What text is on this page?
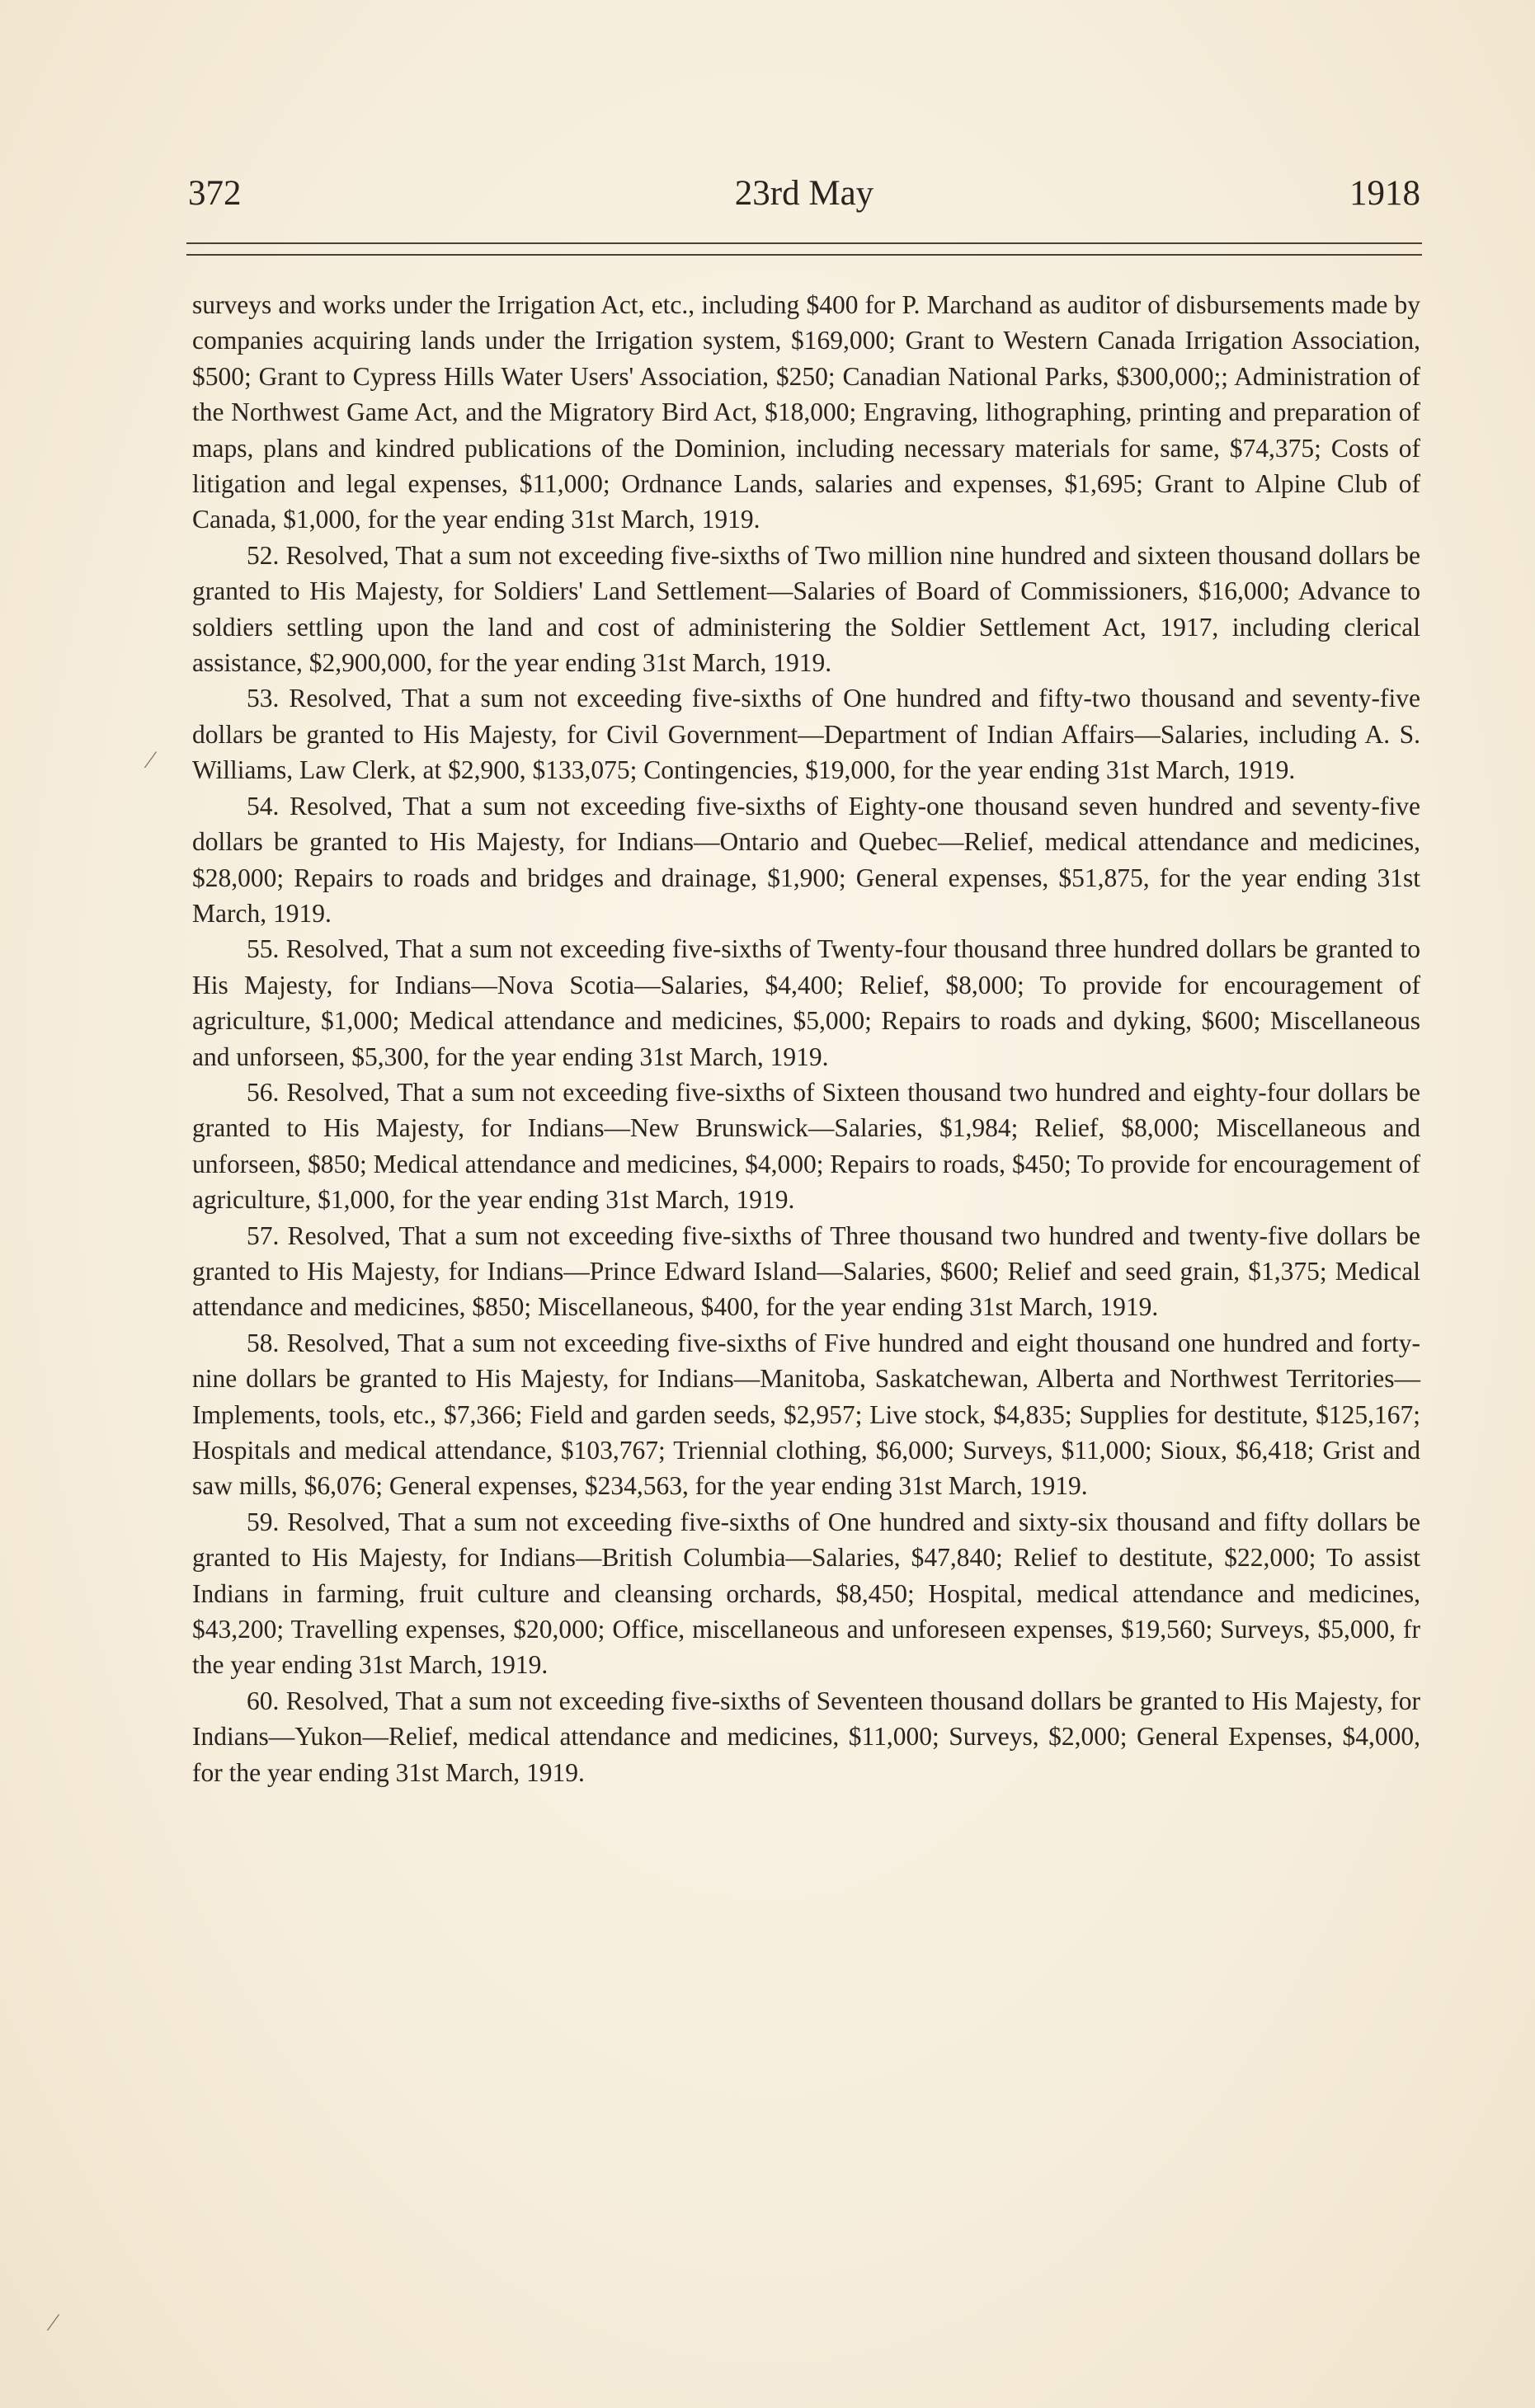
372	23rd May	1918

surveys and works under the Irrigation Act, etc., including $400 for P. Marchand as auditor of disbursements made by companies acquiring lands under the Irrigation system, $169,000; Grant to Western Canada Irrigation Association, $500; Grant to Cypress Hills Water Users' Association, $250; Canadian National Parks, $300,000;; Administration of the Northwest Game Act, and the Migratory Bird Act, $18,000; Engraving, lithographing, printing and preparation of maps, plans and kindred publications of the Dominion, including necessary materials for same, $74,375; Costs of litigation and legal expenses, $11,000; Ordnance Lands, salaries and expenses, $1,695; Grant to Alpine Club of Canada, $1,000, for the year ending 31st March, 1919.

52. Resolved, That a sum not exceeding five-sixths of Two million nine hundred and sixteen thousand dollars be granted to His Majesty, for Soldiers' Land Settlement—Salaries of Board of Commissioners, $16,000; Advance to soldiers settling upon the land and cost of administering the Soldier Settlement Act, 1917, including clerical assistance, $2,900,000, for the year ending 31st March, 1919.

53. Resolved, That a sum not exceeding five-sixths of One hundred and fifty-two thousand and seventy-five dollars be granted to His Majesty, for Civil Government—Department of Indian Affairs—Salaries, including A. S. Williams, Law Clerk, at $2,900, $133,075; Contingencies, $19,000, for the year ending 31st March, 1919.

54. Resolved, That a sum not exceeding five-sixths of Eighty-one thousand seven hundred and seventy-five dollars be granted to His Majesty, for Indians—Ontario and Quebec—Relief, medical attendance and medicines, $28,000; Repairs to roads and bridges and drainage, $1,900; General expenses, $51,875, for the year ending 31st March, 1919.

55. Resolved, That a sum not exceeding five-sixths of Twenty-four thousand three hundred dollars be granted to His Majesty, for Indians—Nova Scotia—Salaries, $4,400; Relief, $8,000; To provide for encouragement of agriculture, $1,000; Medical attendance and medicines, $5,000; Repairs to roads and dyking, $600; Miscellaneous and unforseen, $5,300, for the year ending 31st March, 1919.

56. Resolved, That a sum not exceeding five-sixths of Sixteen thousand two hundred and eighty-four dollars be granted to His Majesty, for Indians—New Brunswick—Salaries, $1,984; Relief, $8,000; Miscellaneous and unforseen, $850; Medical attendance and medicines, $4,000; Repairs to roads, $450; To provide for encouragement of agriculture, $1,000, for the year ending 31st March, 1919.

57. Resolved, That a sum not exceeding five-sixths of Three thousand two hundred and twenty-five dollars be granted to His Majesty, for Indians—Prince Edward Island—Salaries, $600; Relief and seed grain, $1,375; Medical attendance and medicines, $850; Miscellaneous, $400, for the year ending 31st March, 1919.

58. Resolved, That a sum not exceeding five-sixths of Five hundred and eight thousand one hundred and forty-nine dollars be granted to His Majesty, for Indians—Manitoba, Saskatchewan, Alberta and Northwest Territories—Implements, tools, etc., $7,366; Field and garden seeds, $2,957; Live stock, $4,835; Supplies for destitute, $125,167; Hospitals and medical attendance, $103,767; Triennial clothing, $6,000; Surveys, $11,000; Sioux, $6,418; Grist and saw mills, $6,076; General expenses, $234,563, for the year ending 31st March, 1919.

59. Resolved, That a sum not exceeding five-sixths of One hundred and sixty-six thousand and fifty dollars be granted to His Majesty, for Indians—British Columbia—Salaries, $47,840; Relief to destitute, $22,000; To assist Indians in farming, fruit culture and cleansing orchards, $8,450; Hospital, medical attendance and medicines, $43,200; Travelling expenses, $20,000; Office, miscellaneous and unforeseen expenses, $19,560; Surveys, $5,000, fr the year ending 31st March, 1919.

60. Resolved, That a sum not exceeding five-sixths of Seventeen thousand dollars be granted to His Majesty, for Indians—Yukon—Relief, medical attendance and medicines, $11,000; Surveys, $2,000; General Expenses, $4,000, for the year ending 31st March, 1919.

⁄
⁄
